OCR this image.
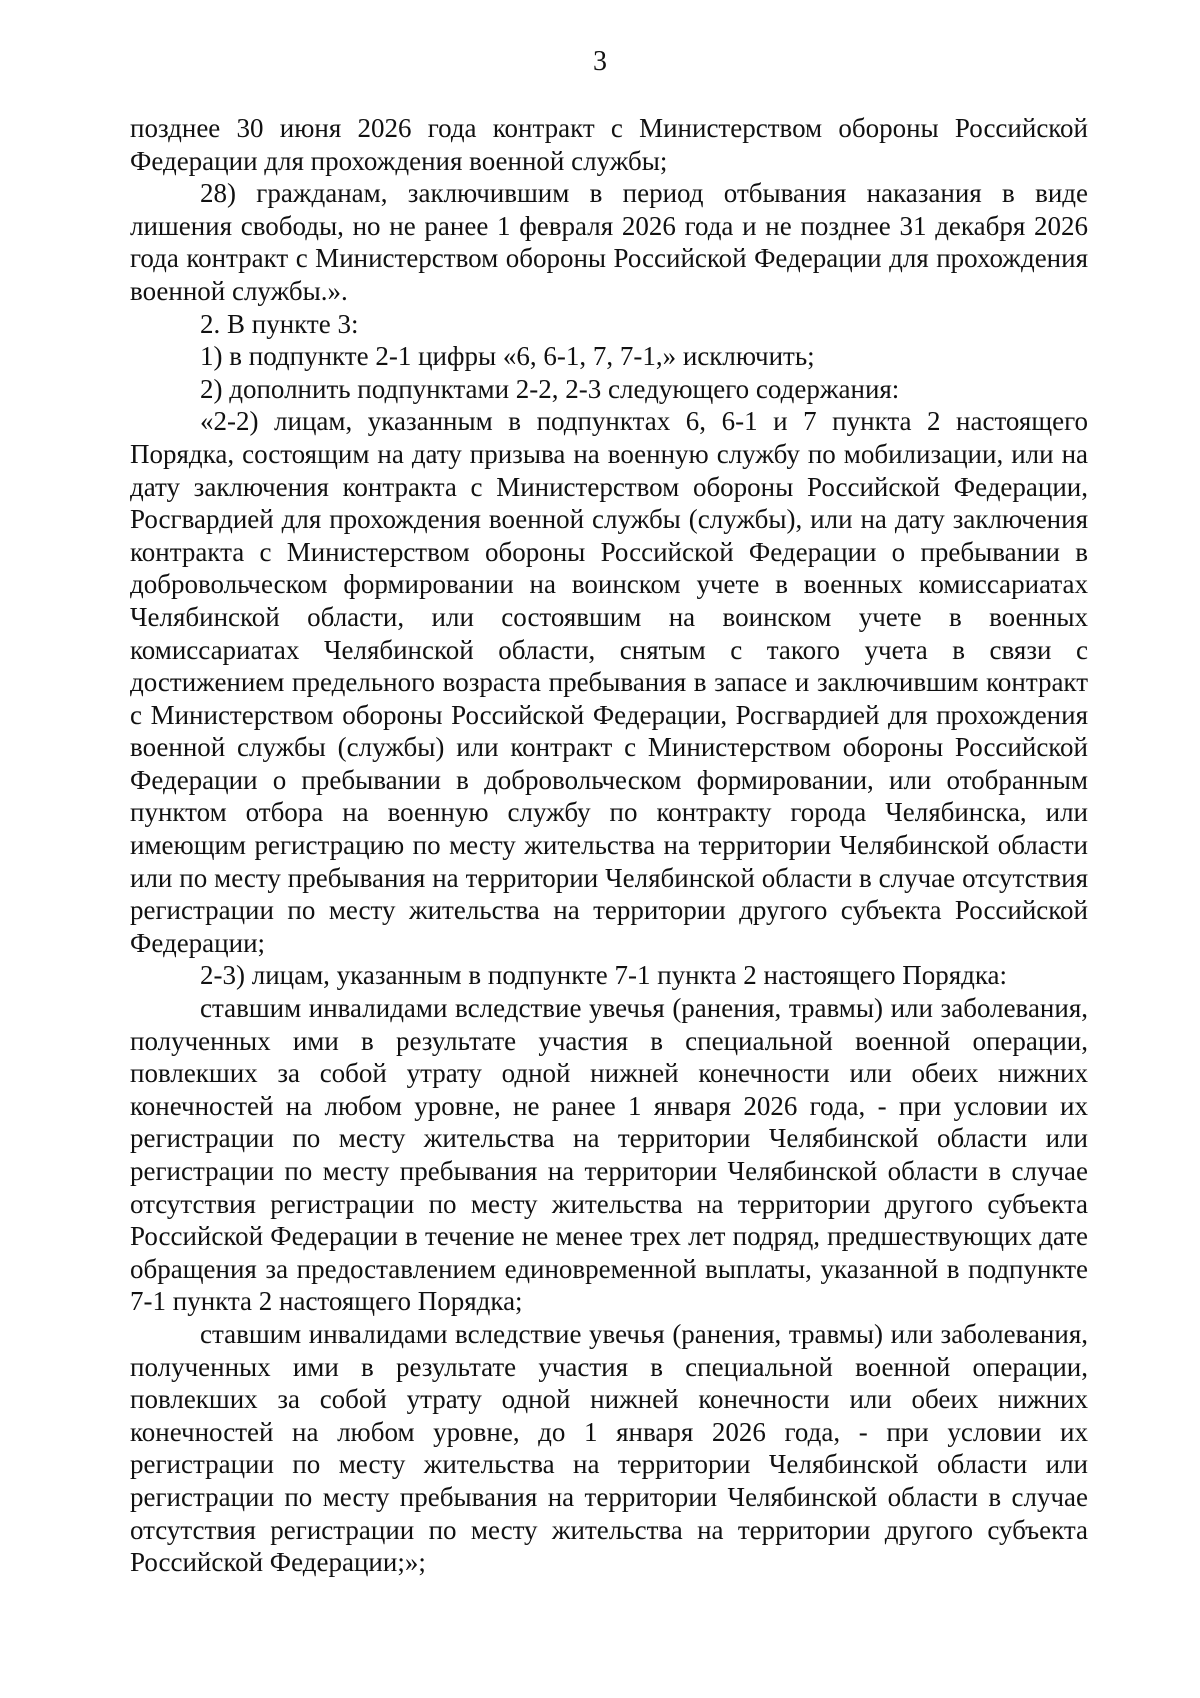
3

позднее 30 июня 2026 года контракт с Министерством обороны Российской Федерации для прохождения военной службы;

28) гражданам, заключившим в период отбывания наказания в виде лишения свободы, но не ранее 1 февраля 2026 года и не позднее 31 декабря 2026 года контракт с Министерством обороны Российской Федерации для прохождения военной службы.».

2. В пункте 3:

1) в подпункте 2-1 цифры «6, 6-1, 7, 7-1,» исключить;

2) дополнить подпунктами 2-2, 2-3 следующего содержания:

«2-2) лицам, указанным в подпунктах 6, 6-1 и 7 пункта 2 настоящего Порядка, состоящим на дату призыва на военную службу по мобилизации, или на дату заключения контракта с Министерством обороны Российской Федерации, Росгвардией для прохождения военной службы (службы), или на дату заключения контракта с Министерством обороны Российской Федерации о пребывании в добровольческом формировании на воинском учете в военных комиссариатах Челябинской области, или состоявшим на воинском учете в военных комиссариатах Челябинской области, снятым с такого учета в связи с достижением предельного возраста пребывания в запасе и заключившим контракт с Министерством обороны Российской Федерации, Росгвардией для прохождения военной службы (службы) или контракт с Министерством обороны Российской Федерации о пребывании в добровольческом формировании, или отобранным пунктом отбора на военную службу по контракту города Челябинска, или имеющим регистрацию по месту жительства на территории Челябинской области или по месту пребывания на территории Челябинской области в случае отсутствия регистрации по месту жительства на территории другого субъекта Российской Федерации;

2-3) лицам, указанным в подпункте 7-1 пункта 2 настоящего Порядка:

ставшим инвалидами вследствие увечья (ранения, травмы) или заболевания, полученных ими в результате участия в специальной военной операции, повлекших за собой утрату одной нижней конечности или обеих нижних конечностей на любом уровне, не ранее 1 января 2026 года, - при условии их регистрации по месту жительства на территории Челябинской области или регистрации по месту пребывания на территории Челябинской области в случае отсутствия регистрации по месту жительства на территории другого субъекта Российской Федерации в течение не менее трех лет подряд, предшествующих дате обращения за предоставлением единовременной выплаты, указанной в подпункте 7-1 пункта 2 настоящего Порядка;

ставшим инвалидами вследствие увечья (ранения, травмы) или заболевания, полученных ими в результате участия в специальной военной операции, повлекших за собой утрату одной нижней конечности или обеих нижних конечностей на любом уровне, до 1 января 2026 года, - при условии их регистрации по месту жительства на территории Челябинской области или регистрации по месту пребывания на территории Челябинской области в случае отсутствия регистрации по месту жительства на территории другого субъекта Российской Федерации;»;
